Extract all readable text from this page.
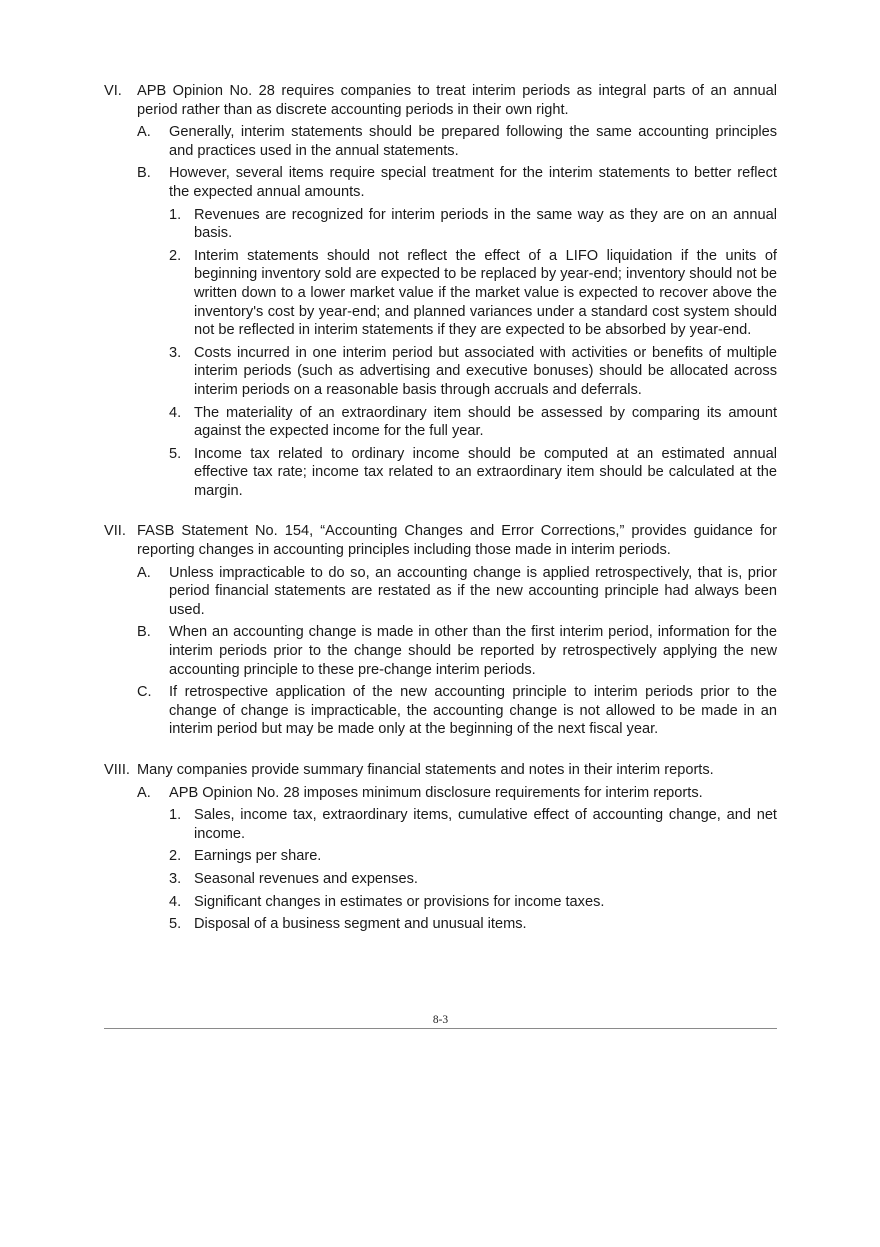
VI. APB Opinion No. 28 requires companies to treat interim periods as integral parts of an annual period rather than as discrete accounting periods in their own right.
A. Generally, interim statements should be prepared following the same accounting principles and practices used in the annual statements.
B. However, several items require special treatment for the interim statements to better reflect the expected annual amounts.
1. Revenues are recognized for interim periods in the same way as they are on an annual basis.
2. Interim statements should not reflect the effect of a LIFO liquidation if the units of beginning inventory sold are expected to be replaced by year-end; inventory should not be written down to a lower market value if the market value is expected to recover above the inventory's cost by year-end; and planned variances under a standard cost system should not be reflected in interim statements if they are expected to be absorbed by year-end.
3. Costs incurred in one interim period but associated with activities or benefits of multiple interim periods (such as advertising and executive bonuses) should be allocated across interim periods on a reasonable basis through accruals and deferrals.
4. The materiality of an extraordinary item should be assessed by comparing its amount against the expected income for the full year.
5. Income tax related to ordinary income should be computed at an estimated annual effective tax rate; income tax related to an extraordinary item should be calculated at the margin.
VII. FASB Statement No. 154, “Accounting Changes and Error Corrections,” provides guidance for reporting changes in accounting principles including those made in interim periods.
A. Unless impracticable to do so, an accounting change is applied retrospectively, that is, prior period financial statements are restated as if the new accounting principle had always been used.
B. When an accounting change is made in other than the first interim period, information for the interim periods prior to the change should be reported by retrospectively applying the new accounting principle to these pre-change interim periods.
C. If retrospective application of the new accounting principle to interim periods prior to the change of change is impracticable, the accounting change is not allowed to be made in an interim period but may be made only at the beginning of the next fiscal year.
VIII. Many companies provide summary financial statements and notes in their interim reports.
A. APB Opinion No. 28 imposes minimum disclosure requirements for interim reports.
1. Sales, income tax, extraordinary items, cumulative effect of accounting change, and net income.
2. Earnings per share.
3. Seasonal revenues and expenses.
4. Significant changes in estimates or provisions for income taxes.
5. Disposal of a business segment and unusual items.
8-3
